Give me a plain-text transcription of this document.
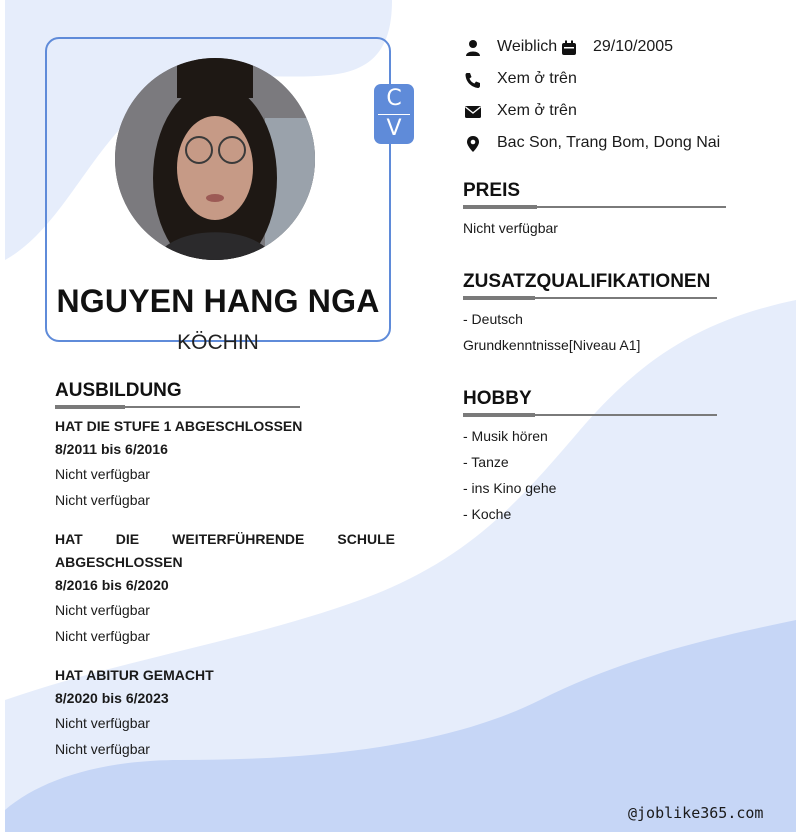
C
V
NGUYEN HANG NGA
KÖCHIN
Weiblich 29/10/2005
Xem ở trên
Xem ở trên
Bac Son, Trang Bom, Dong Nai
PREIS
Nicht verfügbar
ZUSATZQUALIFIKATIONEN
- Deutsch
Grundkenntnisse[Niveau A1]
HOBBY
- Musik hören
- Tanze
- ins Kino gehe
- Koche
AUSBILDUNG
HAT DIE STUFE 1 ABGESCHLOSSEN
8/2011 bis 6/2016
Nicht verfügbar
Nicht verfügbar
HAT DIE WEITERFÜHRENDE SCHULE
ABGESCHLOSSEN
8/2016 bis 6/2020
Nicht verfügbar
Nicht verfügbar
HAT ABITUR GEMACHT
8/2020 bis 6/2023
Nicht verfügbar
Nicht verfügbar
@joblike365.com
